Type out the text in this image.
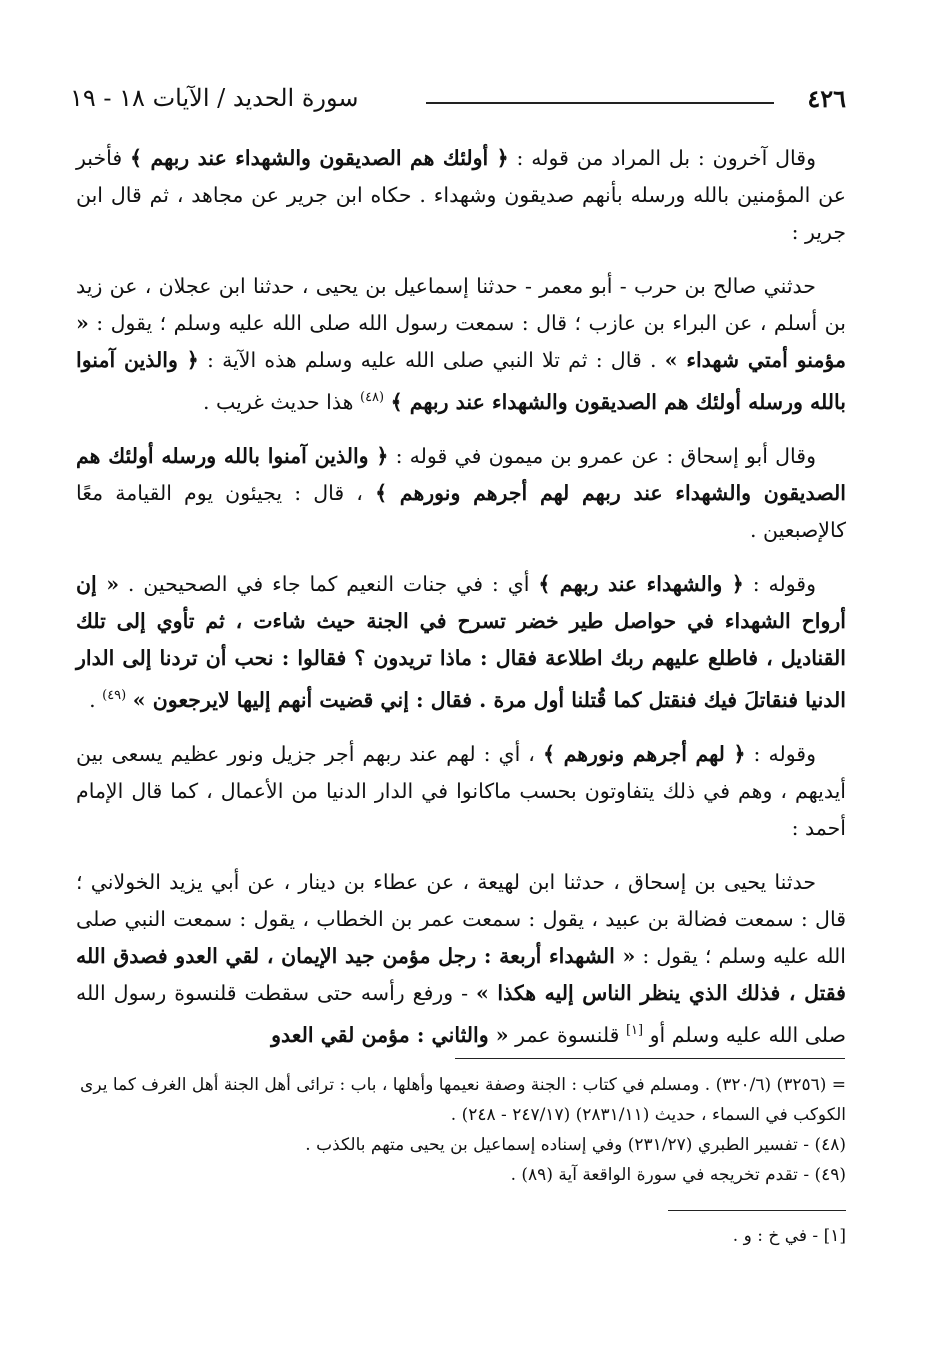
٤٢٦
سورة الحديد / الآيات ١٨ - ١٩

وقال آخرون : بل المراد من قوله : ﴿ أولئك هم الصديقون والشهداء عند ربهم ﴾ فأخبر عن المؤمنين بالله ورسله بأنهم صديقون وشهداء . حكاه ابن جرير عن مجاهد ، ثم قال ابن جرير :

حدثني صالح بن حرب - أبو معمر - حدثنا إسماعيل بن يحيى ، حدثنا ابن عجلان ، عن زيد بن أسلم ، عن البراء بن عازب ؛ قال : سمعت رسول الله صلى الله عليه وسلم ؛ يقول : « مؤمنو أمتي شهداء » . قال : ثم تلا النبي صلى الله عليه وسلم هذه الآية : ﴿ والذين آمنوا بالله ورسله أولئك هم الصديقون والشهداء عند ربهم ﴾ $^{(٤٨)}$ هذا حديث غريب .

وقال أبو إسحاق : عن عمرو بن ميمون في قوله : ﴿ والذين آمنوا بالله ورسله أولئك هم الصديقون والشهداء عند ربهم لهم أجرهم ونورهم ﴾ ، قال : يجيئون يوم القيامة معًا كالإصبعين .

وقوله : ﴿ والشهداء عند ربهم ﴾ أي : في جنات النعيم كما جاء في الصحيحين . « إن أرواح الشهداء في حواصل طير خضر تسرح في الجنة حيث شاءت ، ثم تأوي إلى تلك القناديل ، فاطلع عليهم ربك اطلاعة فقال : ماذا تريدون ؟ فقالوا : نحب أن تردنا إلى الدار الدنيا فنقاتلَ فيك فنقتل كما قُتلنا أول مرة . فقال : إني قضيت أنهم إليها لايرجعون » $^{(٤٩)}$ .

وقوله : ﴿ لهم أجرهم ونورهم ﴾ ، أي : لهم عند ربهم أجر جزيل ونور عظيم يسعى بين أيديهم ، وهم في ذلك يتفاوتون بحسب ماكانوا في الدار الدنيا من الأعمال ، كما قال الإمام أحمد :

حدثنا يحيى بن إسحاق ، حدثنا ابن لهيعة ، عن عطاء بن دينار ، عن أبي يزيد الخولاني ؛ قال : سمعت فضالة بن عبيد ، يقول : سمعت عمر بن الخطاب ، يقول : سمعت النبي صلى الله عليه وسلم ؛ يقول : « الشهداء أربعة : رجل مؤمن جيد الإيمان ، لقي العدو فصدق الله فقتل ، فذلك الذي ينظر الناس إليه هكذا » - ورفع رأسه حتى سقطت قلنسوة رسول الله صلى الله عليه وسلم أو [١] قلنسوة عمر « والثاني : مؤمن لقي العدو

= (٣٢٥٦) (٣٢٠/٦) . ومسلم في كتاب : الجنة وصفة نعيمها وأهلها ، باب : ترائى أهل الجنة أهل الغرف كما يرى الكوكب في السماء ، حديث (٢٨٣١/١١) (٢٤٧/١٧ - ٢٤٨) .

(٤٨) - تفسير الطبري (٢٣١/٢٧) وفي إسناده إسماعيل بن يحيى متهم بالكذب .

(٤٩) - تقدم تخريجه في سورة الواقعة آية (٨٩) .

[١] - في خ : و .
